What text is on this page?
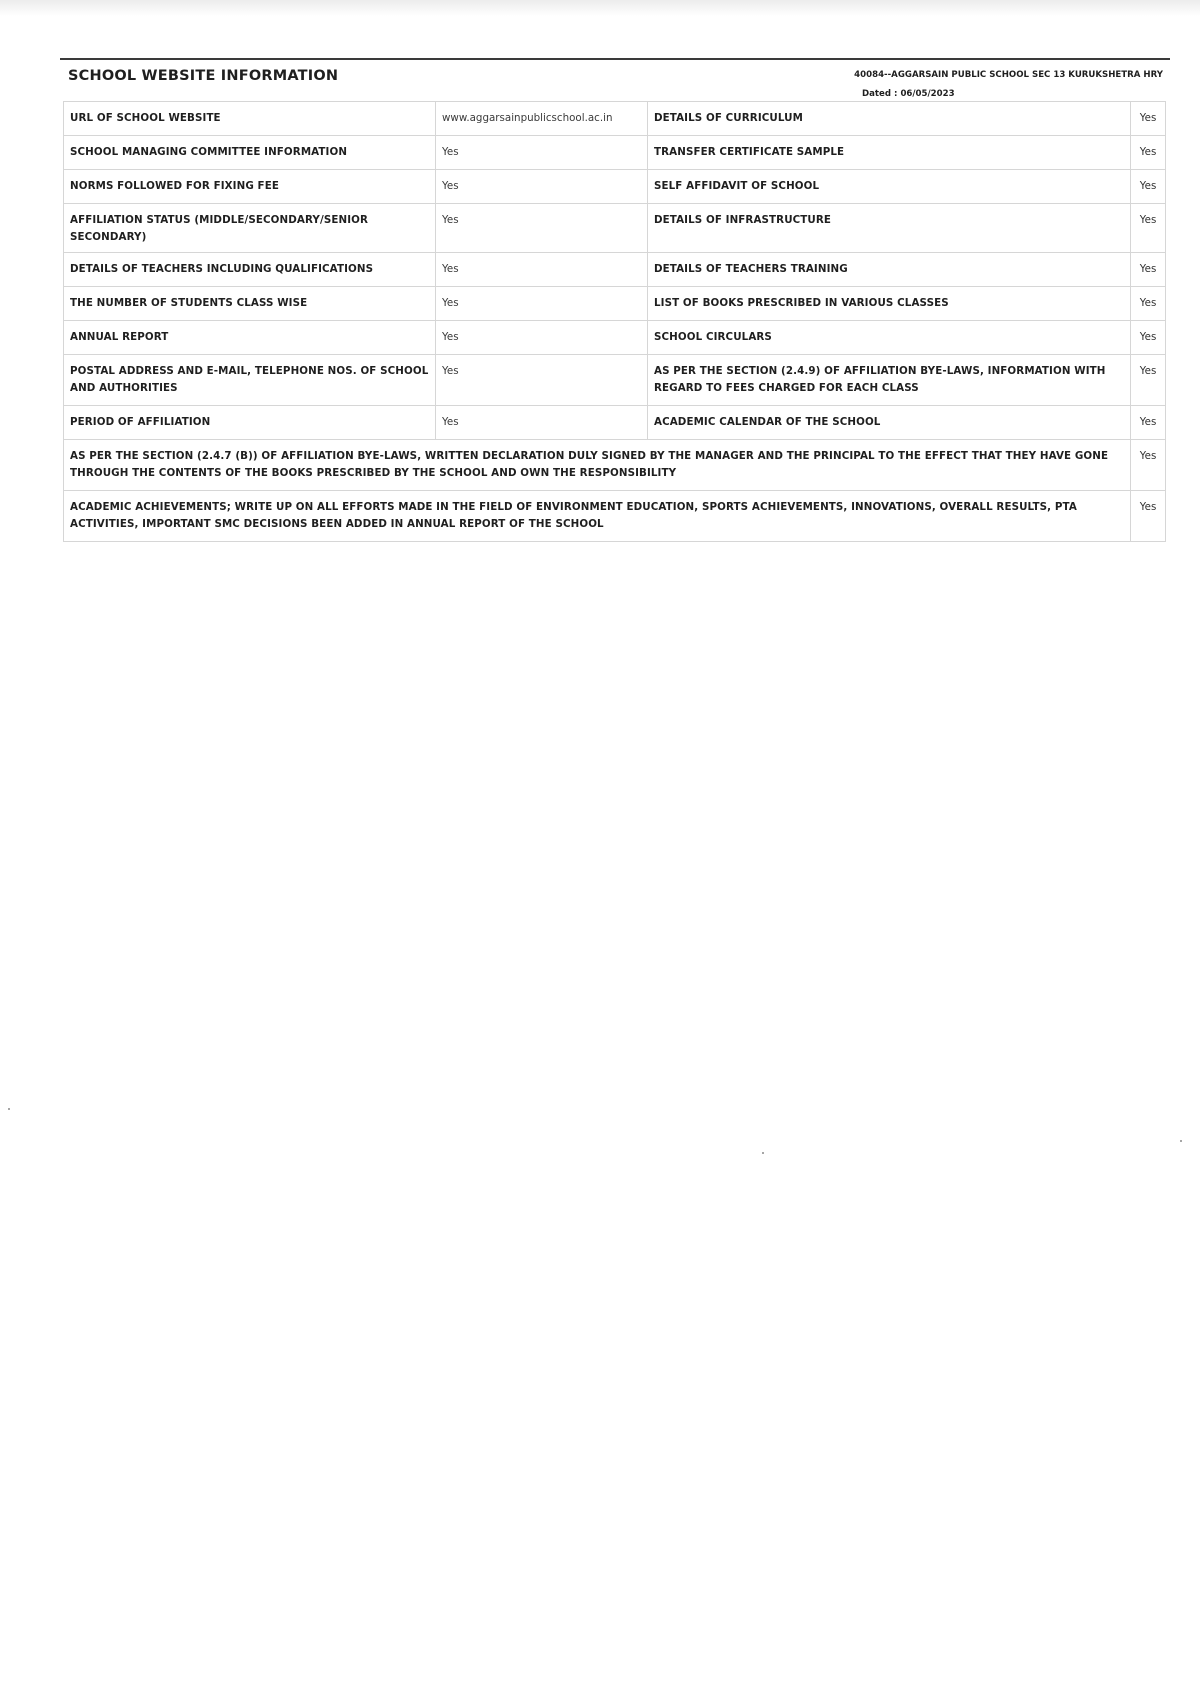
SCHOOL WEBSITE INFORMATION	40084--AGGARSAIN PUBLIC SCHOOL SEC 13 KURUKSHETRA HRY
Dated : 06/05/2023
URL OF SCHOOL WEBSITE	www.aggarsainpublicschool.ac.in	DETAILS OF CURRICULUM	Yes
SCHOOL MANAGING COMMITTEE INFORMATION	Yes	TRANSFER CERTIFICATE SAMPLE	Yes
NORMS FOLLOWED FOR FIXING FEE	Yes	SELF AFFIDAVIT OF SCHOOL	Yes
AFFILIATION STATUS (MIDDLE/SECONDARY/SENIOR SECONDARY)	Yes	DETAILS OF INFRASTRUCTURE	Yes
DETAILS OF TEACHERS INCLUDING QUALIFICATIONS	Yes	DETAILS OF TEACHERS TRAINING	Yes
THE NUMBER OF STUDENTS CLASS WISE	Yes	LIST OF BOOKS PRESCRIBED IN VARIOUS CLASSES	Yes
ANNUAL REPORT	Yes	SCHOOL CIRCULARS	Yes
POSTAL ADDRESS AND E-MAIL, TELEPHONE NOS. OF SCHOOL AND AUTHORITIES	Yes	AS PER THE SECTION (2.4.9) OF AFFILIATION BYE-LAWS, INFORMATION WITH REGARD TO FEES CHARGED FOR EACH CLASS	Yes
PERIOD OF AFFILIATION	Yes	ACADEMIC CALENDAR OF THE SCHOOL	Yes
AS PER THE SECTION (2.4.7 (B)) OF AFFILIATION BYE-LAWS, WRITTEN DECLARATION DULY SIGNED BY THE MANAGER AND THE PRINCIPAL TO THE EFFECT THAT THEY HAVE GONE THROUGH THE CONTENTS OF THE BOOKS PRESCRIBED BY THE SCHOOL AND OWN THE RESPONSIBILITY			Yes
ACADEMIC ACHIEVEMENTS; WRITE UP ON ALL EFFORTS MADE IN THE FIELD OF ENVIRONMENT EDUCATION, SPORTS ACHIEVEMENTS, INNOVATIONS, OVERALL RESULTS, PTA ACTIVITIES, IMPORTANT SMC DECISIONS BEEN ADDED IN ANNUAL REPORT OF THE SCHOOL			Yes
